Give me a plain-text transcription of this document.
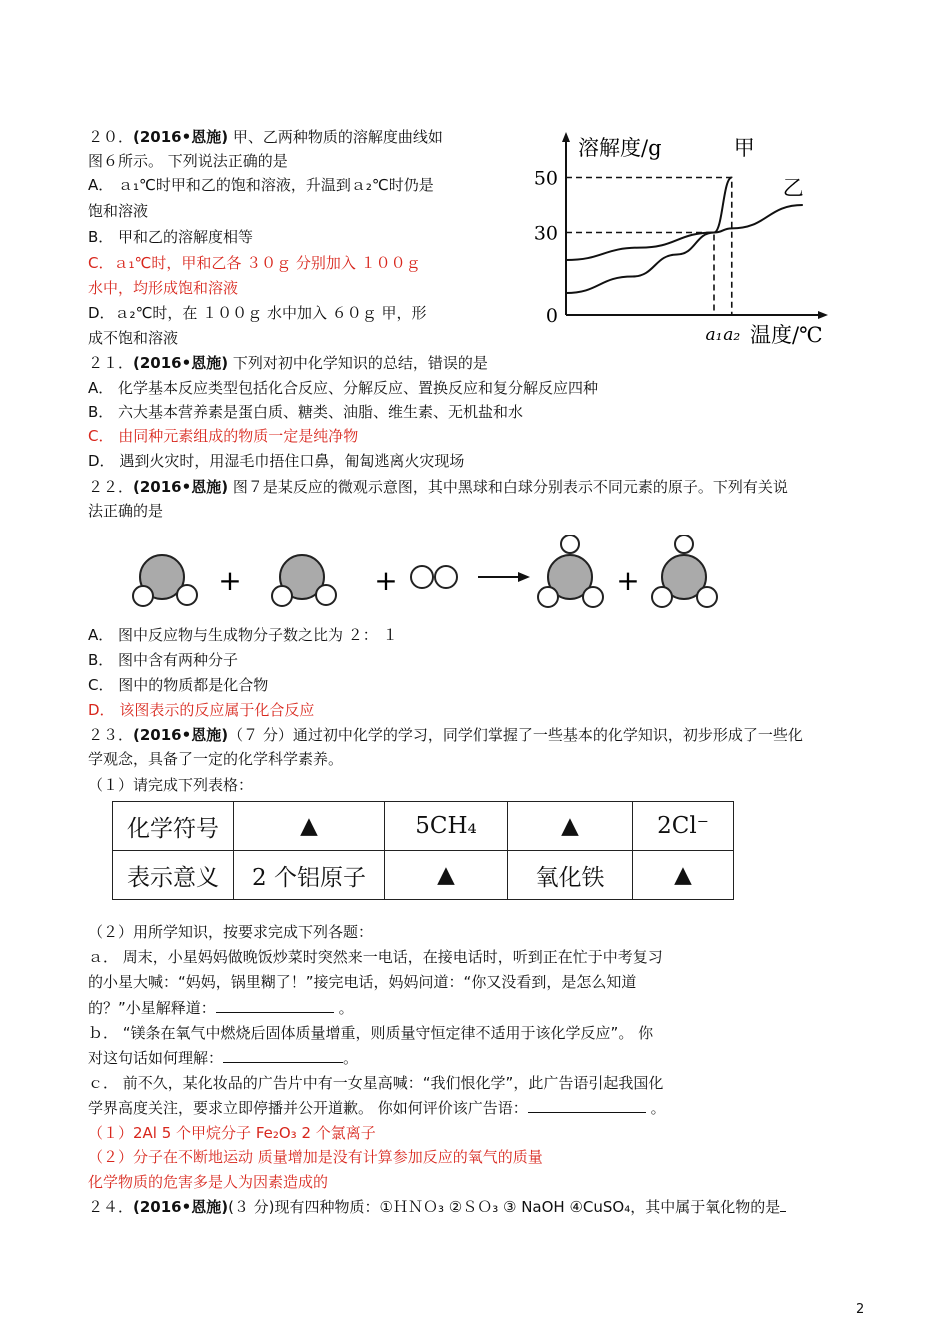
２０．(2016•恩施) 甲、乙两种物质的溶解度曲线如
图６所示。 下列说法正确的是
A． ａ₁℃时甲和乙的饱和溶液，升温到ａ₂℃时仍是
饱和溶液
B． 甲和乙的溶解度相等
C．ａ₁℃时，甲和乙各 ３０ｇ 分别加入 １００ｇ
水中，均形成饱和溶液
D．ａ₂℃时，在 １００ｇ 水中加入 ６０ｇ 甲，形
成不饱和溶液
溶解度/g
温度/℃
50
30
0
a₁ a₂
甲
乙
２１．(2016•恩施) 下列对初中化学知识的总结，错误的是
A． 化学基本反应类型包括化合反应、分解反应、置换反应和复分解反应四种
B． 六大基本营养素是蛋白质、糖类、油脂、维生素、无机盐和水
C． 由同种元素组成的物质一定是纯净物
D． 遇到火灾时，用湿毛巾捂住口鼻，匍匐逃离火灾现场
２２．(2016•恩施) 图７是某反应的微观示意图，其中黑球和白球分别表示不同元素的原子。下列有关说
法正确的是
+	+	+
A． 图中反应物与生成物分子数之比为 ２： １
B． 图中含有两种分子
C． 图中的物质都是化合物
D． 该图表示的反应属于化合反应
２３．(2016•恩施)（７ 分）通过初中化学的学习，同学们掌握了一些基本的化学知识，初步形成了一些化
学观念，具备了一定的化学科学素养。
（１）请完成下列表格：
化学符号	▲	5CH₄	▲	2Cl⁻
表示意义	2 个铝原子	▲	氧化铁	▲
（２）用所学知识，按要求完成下列各题：
ａ． 周末，小星妈妈做晚饭炒菜时突然来一电话，在接电话时，听到正在忙于中考复习
的小星大喊：“妈妈，锅里糊了！”接完电话，妈妈问道：“你又没看到，是怎么知道
的？”小星解释道：	。
ｂ． “镁条在氧气中燃烧后固体质量增重，则质量守恒定律不适用于该化学反应”。 你
对这句话如何理解：	。
ｃ． 前不久，某化妆品的广告片中有一女星高喊：“我们恨化学”，此广告语引起我国化
学界高度关注，要求立即停播并公开道歉。 你如何评价该广告语：	。
（１）2Al 5 个甲烷分子 Fe₂O₃ 2 个氯离子
（２）分子在不断地运动 质量增加是没有计算参加反应的氧气的质量
化学物质的危害多是人为因素造成的
２４．(2016•恩施)(３ 分)现有四种物质：①ＨＮＯ₃ ②ＳＯ₃ ③ NaOH ④CuSO₄，其中属于氧化物的是
2
